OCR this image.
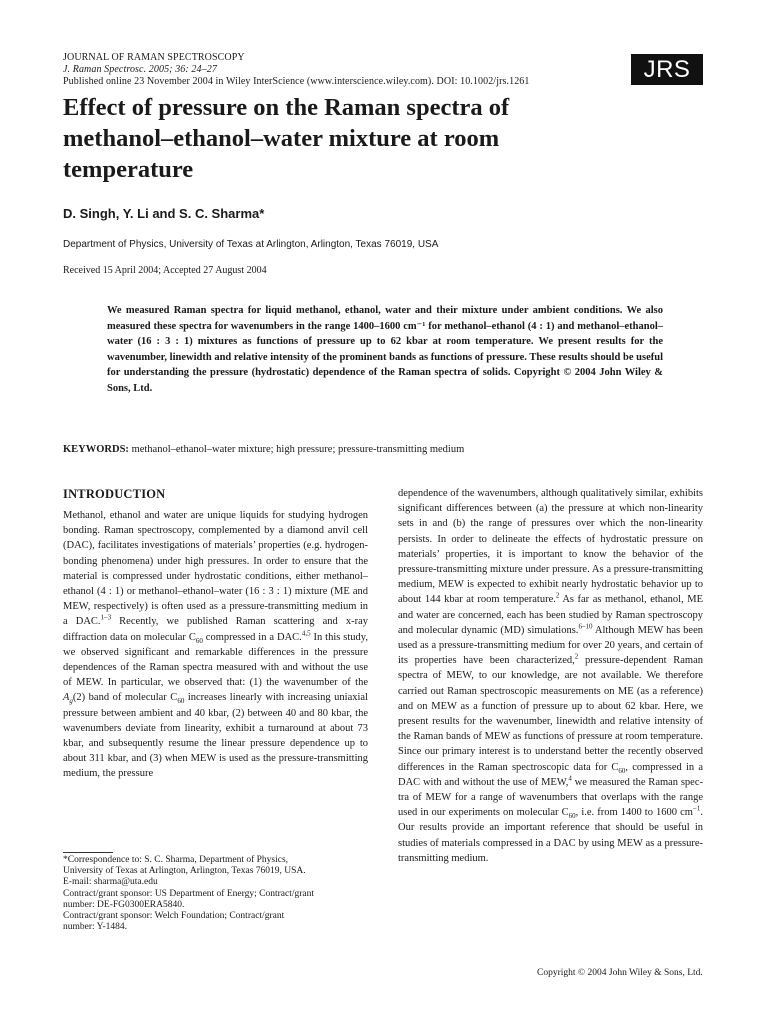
JOURNAL OF RAMAN SPECTROSCOPY
J. Raman Spectrosc. 2005; 36: 24–27
Published online 23 November 2004 in Wiley InterScience (www.interscience.wiley.com). DOI: 10.1002/jrs.1261	JRS
Effect of pressure on the Raman spectra of methanol–ethanol–water mixture at room temperature
D. Singh, Y. Li and S. C. Sharma*
Department of Physics, University of Texas at Arlington, Arlington, Texas 76019, USA
Received 15 April 2004; Accepted 27 August 2004
We measured Raman spectra for liquid methanol, ethanol, water and their mixture under ambient conditions. We also measured these spectra for wavenumbers in the range 1400–1600 cm⁻¹ for methanol–ethanol (4 : 1) and methanol–ethanol–water (16 : 3 : 1) mixtures as functions of pressure up to 62 kbar at room temperature. We present results for the wavenumber, linewidth and relative intensity of the prominent bands as functions of pressure. These results should be useful for understanding the pressure (hydrostatic) dependence of the Raman spectra of solids. Copyright © 2004 John Wiley & Sons, Ltd.
KEYWORDS: methanol–ethanol–water mixture; high pressure; pressure-transmitting medium
INTRODUCTION

Methanol, ethanol and water are unique liquids for studying hydrogen bonding. Raman spectroscopy, complemented by a diamond anvil cell (DAC), facilitates investigations of materials’ properties (e.g. hydrogen-bonding phenomena) under high pressures. In order to ensure that the material is compressed under hydrostatic conditions, either methanol–ethanol (4 : 1) or methanol–ethanol–water (16 : 3 : 1) mixture (ME and MEW, respectively) is often used as a pressure-transmitting medium in a DAC.$^{1-3}$ Recently, we published Raman scattering and x-ray diffraction data on molecular $C_{60}$ compressed in a DAC.$^{4,5}$ In this study, we observed significant and remarkable differences in the pressure dependences of the Raman spectra measured with and without the use of MEW. In particular, we observed that: (1) the wavenumber of the $A_g(2)$ band of molecular $C_{60}$ increases linearly with increasing uniaxial pressure between ambient and 40 kbar, (2) between 40 and 80 kbar, the wavenumbers deviate from linearity, exhibit a turnaround at about 73 kbar, and subsequently resume the linear pressure dependence up to about 311 kbar, and (3) when MEW is used as the pressure-transmitting medium, the pressure

dependence of the wavenumbers, although qualitatively similar, exhibits significant differences between (a) the pressure at which non-linearity sets in and (b) the range of pressures over which the non-linearity persists. In order to delineate the effects of hydrostatic pressure on materials’ properties, it is important to know the behavior of the pressure-transmitting mixture under pressure. As a pressure-transmitting medium, MEW is expected to exhibit nearly hydrostatic behavior up to about 144 kbar at room temperature.$^2$ As far as methanol, ethanol, ME and water are concerned, each has been studied by Raman spectroscopy and molecular dynamic (MD) simulations.$^{6-10}$ Although MEW has been used as a pressure-transmitting medium for over 20 years, and certain of its properties have been characterized,$^2$ pressure-dependent Raman spectra of MEW, to our knowledge, are not available. We therefore carried out Raman spectroscopic measurements on ME (as a reference) and on MEW as a function of pressure up to about 62 kbar. Here, we present results for the wavenumber, linewidth and relative intensity of the Raman bands of MEW as functions of pressure at room temperature. Since our primary interest is to understand better the recently observed differences in the Raman spectroscopic data for $C_{60}$, compressed in a DAC with and without the use of MEW,$^4$ we measured the Raman spectra of MEW for a range of wavenumbers that overlaps with the range used in our experiments on molecular $C_{60}$, i.e. from 1400 to 1600 $cm^{-1}$. Our results provide an important reference that should be useful in studies of materials compressed in a DAC by using MEW as a pressure-transmitting medium.

*Correspondence to: S. C. Sharma, Department of Physics,
University of Texas at Arlington, Arlington, Texas 76019, USA.
E-mail: sharma@uta.edu
Contract/grant sponsor: US Department of Energy; Contract/grant
number: DE-FG0300ERA5840.
Contract/grant sponsor: Welch Foundation; Contract/grant
number: Y-1484.
Copyright © 2004 John Wiley & Sons, Ltd.
